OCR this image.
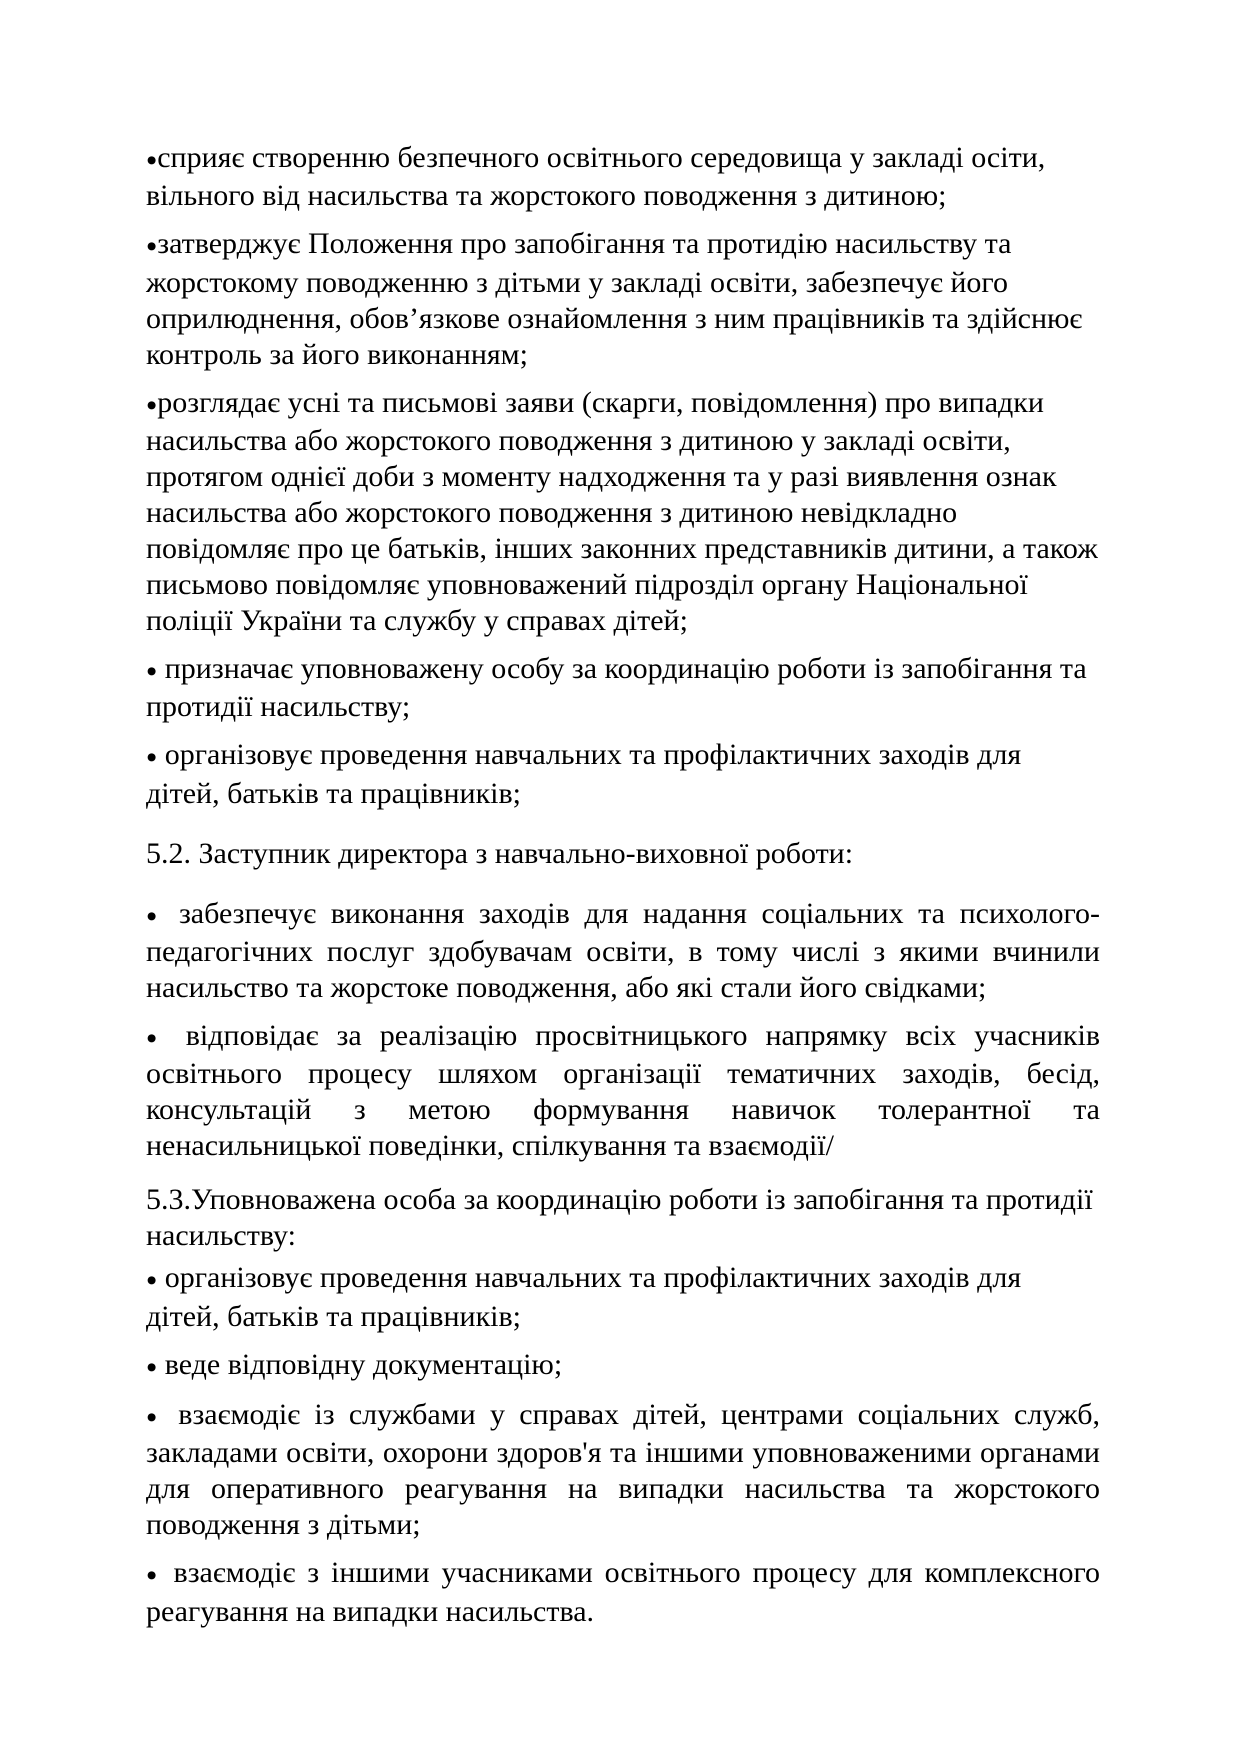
●сприяє створенню безпечного освітнього середовища у закладі осіти, вільного від насильства та жорстокого поводження з дитиною;

●затверджує Положення про запобігання та протидію насильству та жорстокому поводженню з дітьми у закладі освіти, забезпечує його оприлюднення, обов’язкове ознайомлення з ним працівників та здійснює контроль за його виконанням;

●розглядає усні та письмові заяви (скарги, повідомлення) про випадки насильства або жорстокого поводження з дитиною у закладі освіти, протягом однієї доби з моменту надходження та у разі виявлення ознак насильства або жорстокого поводження з дитиною невідкладно повідомляє про це батьків, інших законних представників дитини, а також письмово повідомляє уповноважений підрозділ органу Національної поліції України та службу у справах дітей;

● призначає уповноважену особу за координацію роботи із запобігання та протидії насильству;

● організовує проведення навчальних та профілактичних заходів для дітей, батьків та працівників;

5.2. Заступник директора з навчально-виховної роботи:

● забезпечує виконання заходів для надання соціальних та психолого-педагогічних послуг здобувачам освіти, в тому числі з якими вчинили насильство та жорстоке поводження, або які стали його свідками;

● відповідає за реалізацію просвітницького напрямку всіх учасників освітнього процесу шляхом організації тематичних заходів, бесід, консультацій з метою формування навичок толерантної та ненасильницької поведінки, спілкування та взаємодії/

5.3.Уповноважена особа за координацію роботи із запобігання та протидії насильству:

● організовує проведення навчальних та профілактичних заходів для дітей, батьків та працівників;

● веде відповідну документацію;

● взаємодіє із службами у справах дітей, центрами соціальних служб, закладами освіти, охорони здоров'я та іншими уповноваженими органами для оперативного реагування на випадки насильства та жорстокого поводження з дітьми;

● взаємодіє з іншими учасниками освітнього процесу для комплексного реагування на випадки насильства.
